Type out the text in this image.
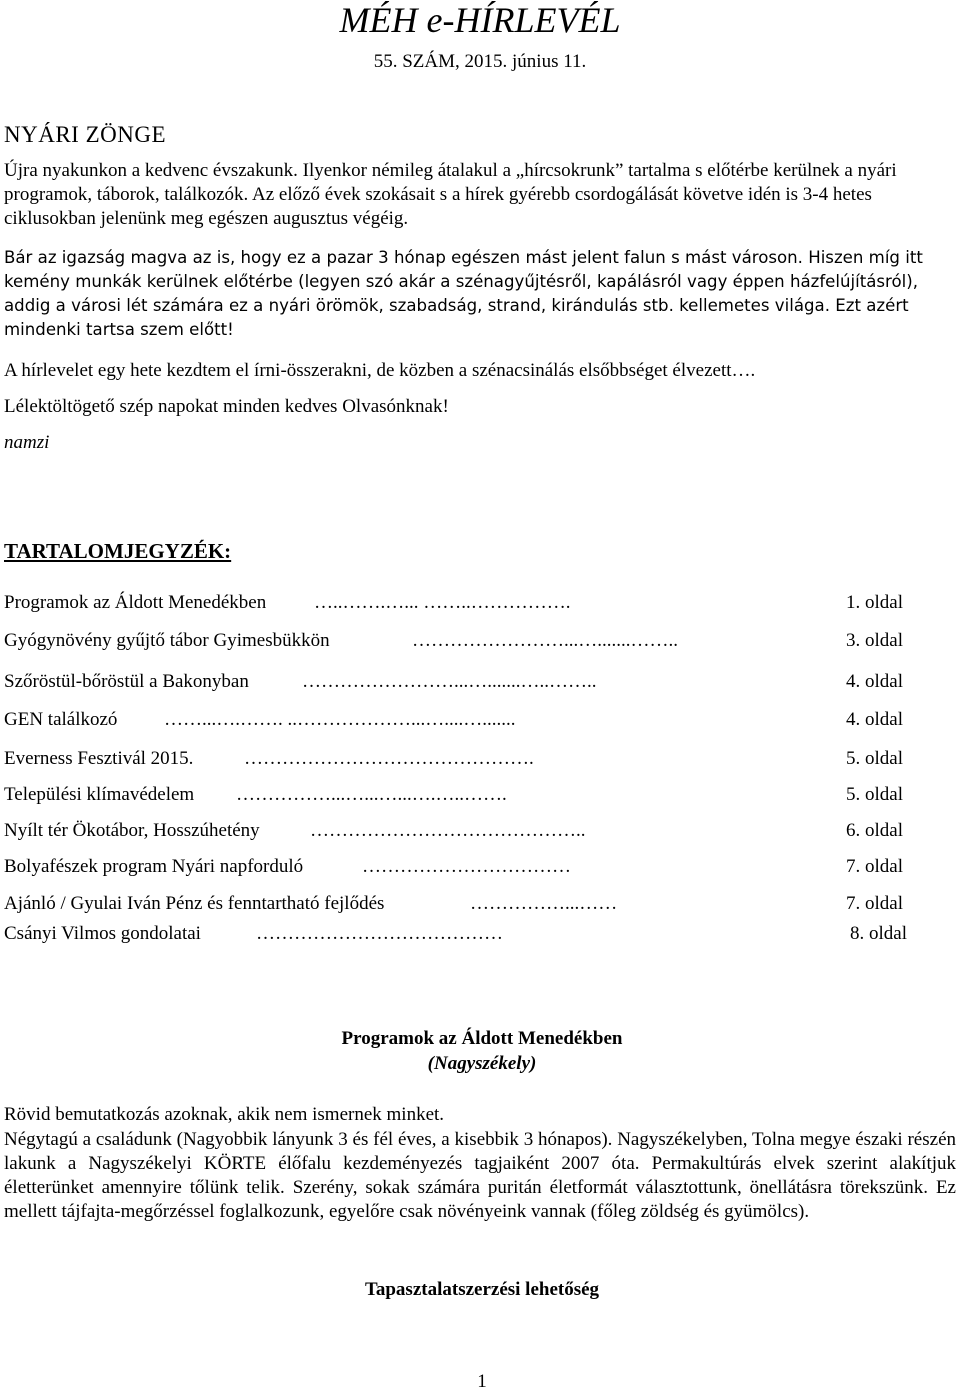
MÉH e-HÍRLEVÉL
55. SZÁM, 2015. június 11.
NYÁRI ZÖNGE
Újra nyakunkon a kedvenc évszakunk. Ilyenkor némileg átalakul a „hírcsokrunk” tartalma s előtérbe kerülnek a nyári programok, táborok, találkozók. Az előző évek szokásait s a hírek gyérebb csordogálását követve idén is 3-4 hetes ciklusokban jelenünk meg egészen augusztus végéig.
Bár az igazság magva az is, hogy ez a pazar 3 hónap egészen mást jelent falun s mást városon. Hiszen míg itt kemény munkák kerülnek előtérbe (legyen szó akár a szénagyűjtésről, kapálásról vagy éppen házfelújításról), addig a városi lét számára ez a nyári örömök, szabadság, strand, kirándulás stb. kellemetes világa. Ezt azért mindenki tartsa szem előtt!
A hírlevelet egy hete kezdtem el írni-összerakni, de közben a szénacsinálás elsőbbséget élvezett….
Lélektöltögető szép napokat minden kedves Olvasónknak!
namzi
TARTALOMJEGYZÉK:
Programok az Áldott Menedékben	…..…….…... ……..…………….	1. oldal
Gyógynövény gyűjtő tábor Gyimesbükkön	……………………...….......……..	3. oldal
Szőröstül-bőröstül a Bakonyban	……………………...….......…..……..	4. oldal
GEN találkozó ……...….……. ..………………...…....….......	4. oldal
Everness Fesztivál 2015.	……………………………………….	5. oldal
Települési klímavédelem ……………...…...…...….…..…….	5. oldal
Nyílt tér Ökotábor, Hosszúhetény	……………………………………..	6. oldal
Bolyafészek program Nyári napforduló	……………………………	7. oldal
Ajánló / Gyulai Iván Pénz és fenntartható fejlődés	……………...……	7. oldal
Csányi Vilmos gondolatai	…………………………………	8. oldal
Programok az Áldott Menedékben
(Nagyszékely)
Rövid bemutatkozás azoknak, akik nem ismernek minket.
Négytagú a családunk (Nagyobbik lányunk 3 és fél éves, a kisebbik 3 hónapos). Nagyszékelyben, Tolna megye északi részén lakunk a Nagyszékelyi KÖRTE élőfalu kezdeményezés tagjaiként 2007 óta. Permakultúrás elvek szerint alakítjuk életterünket amennyire tőlünk telik. Szerény, sokak számára puritán életformát választottunk, önellátásra törekszünk. Ez mellett tájfajta-megőrzéssel foglalkozunk, egyelőre csak növényeink vannak (főleg zöldség és gyümölcs).
Tapasztalatszerzési lehetőség
1
